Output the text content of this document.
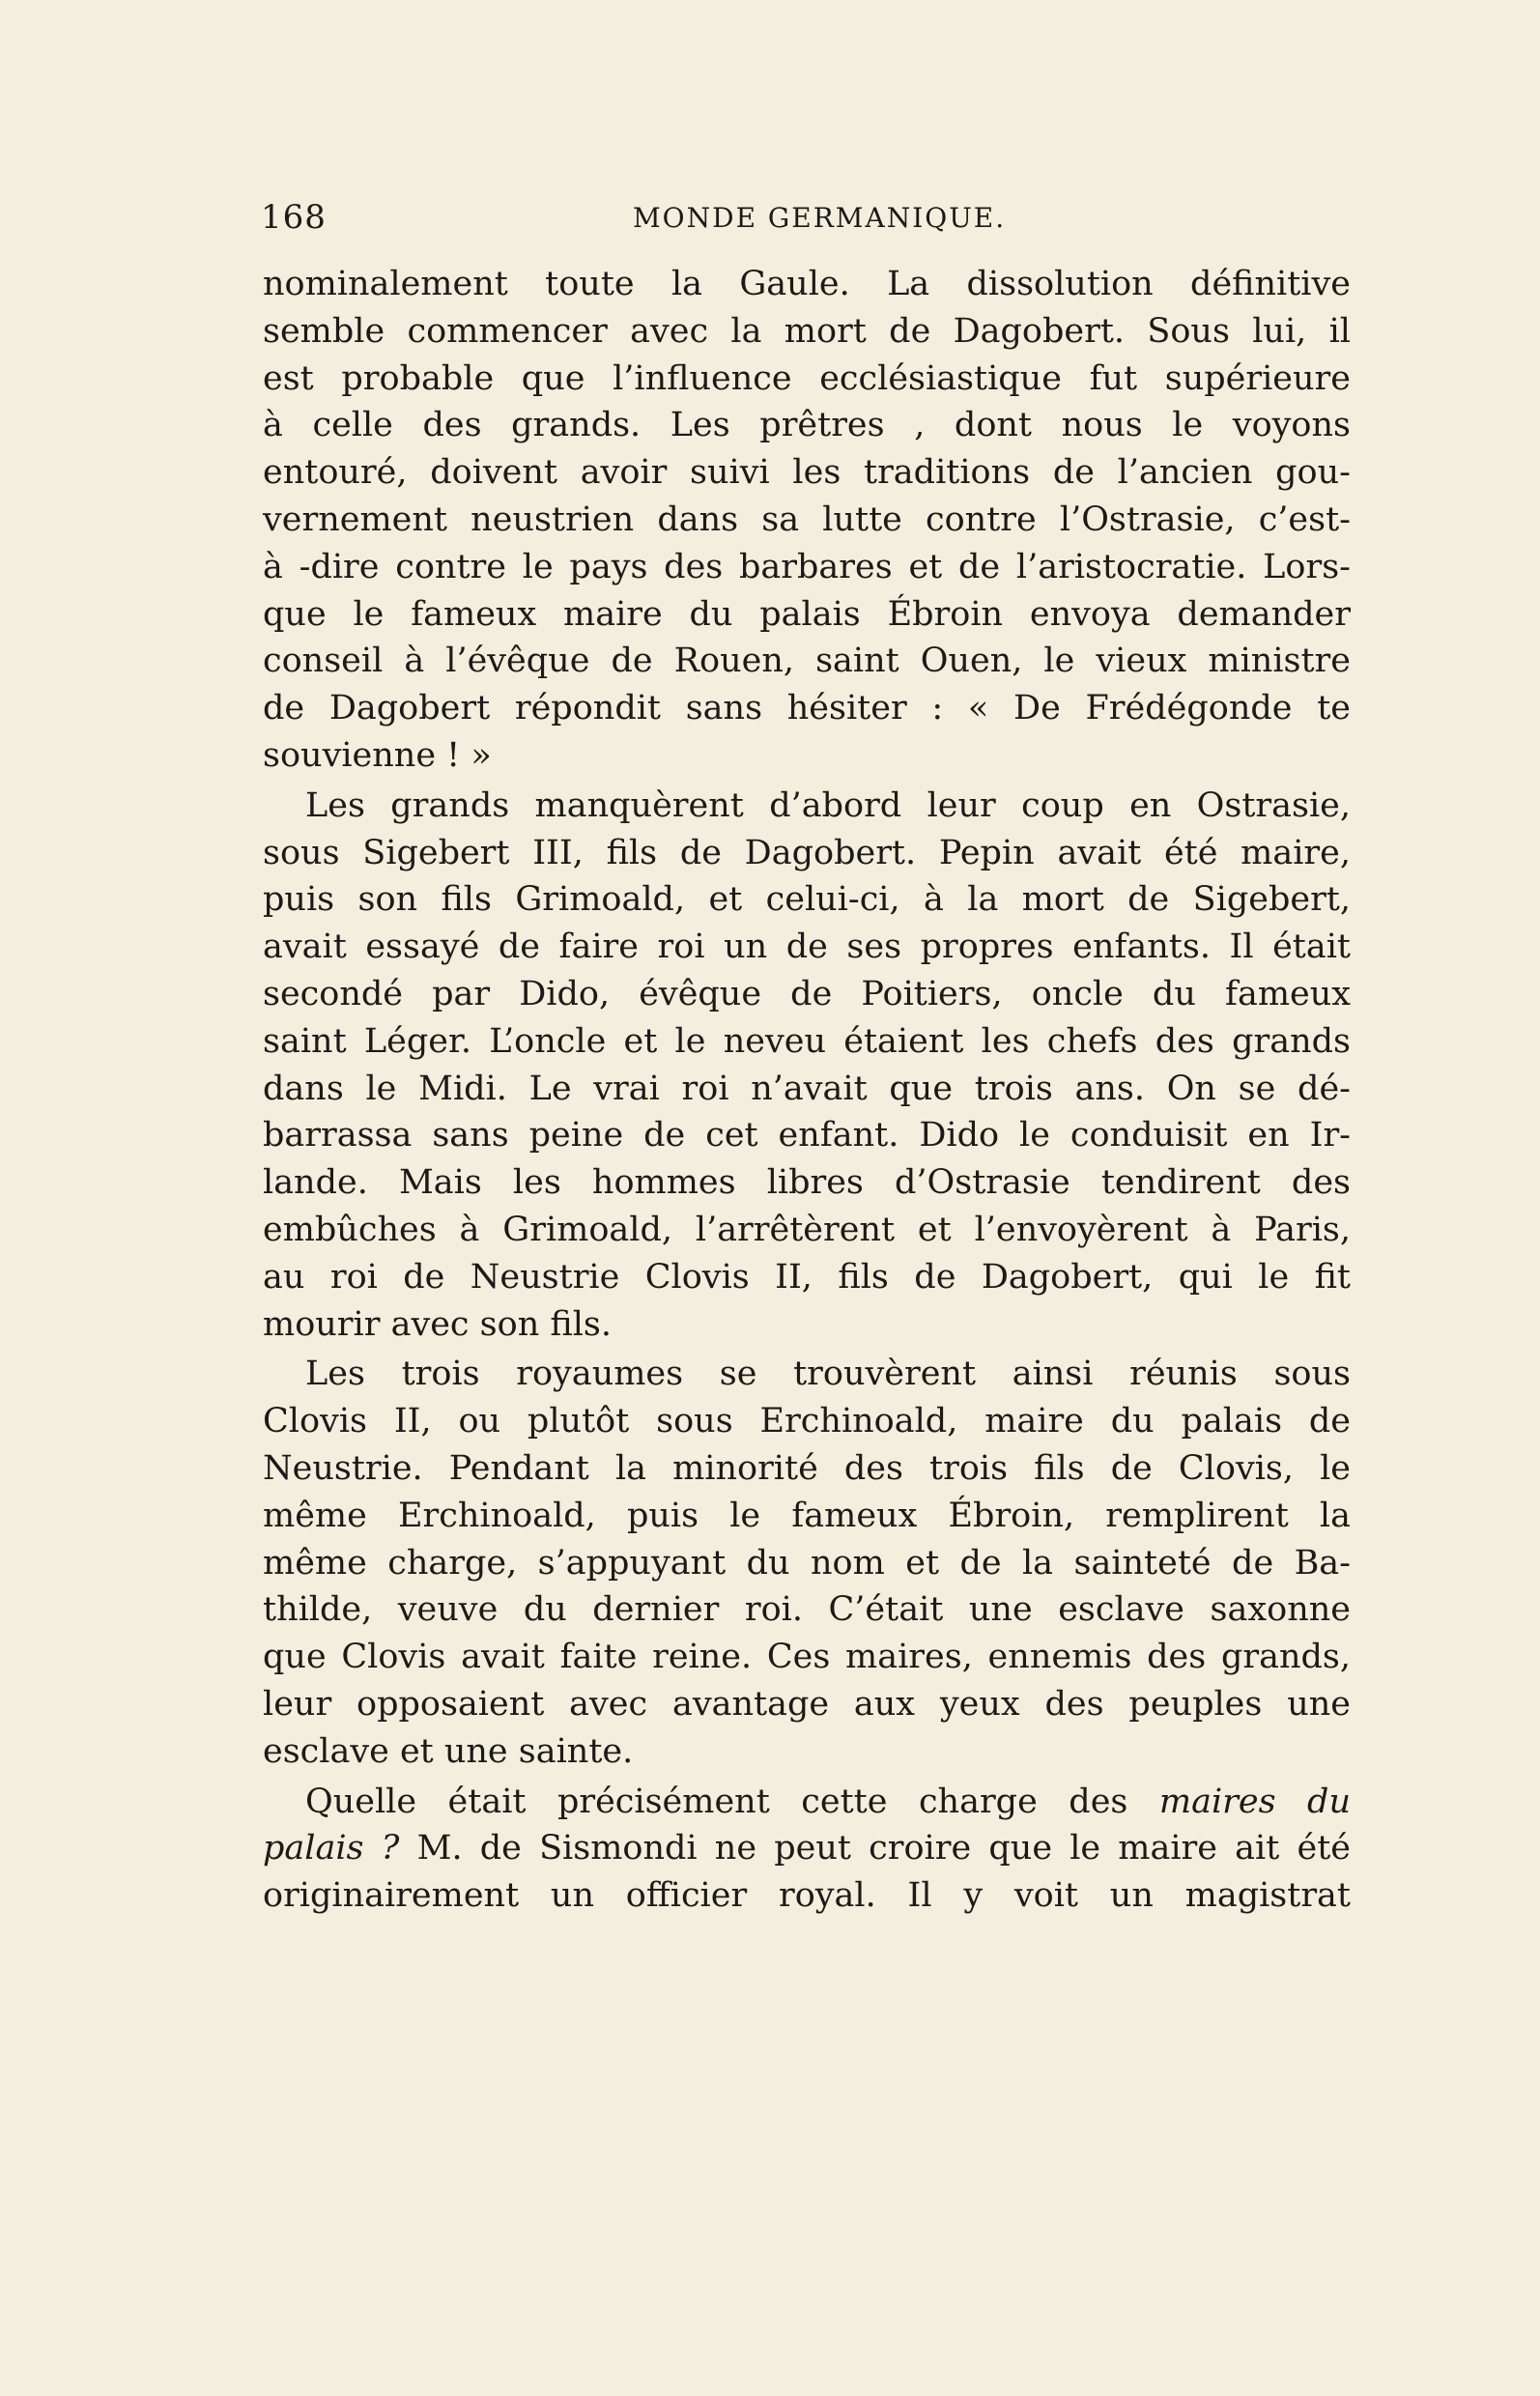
168	MONDE GERMANIQUE.
nominalement toute la Gaule. La dissolution définitive
semble commencer avec la mort de Dagobert. Sous lui, il
est probable que l’influence ecclésiastique fut supérieure
à celle des grands. Les prêtres , dont nous le voyons
entouré, doivent avoir suivi les traditions de l’ancien gou-
vernement neustrien dans sa lutte contre l’Ostrasie, c’est-
à -dire contre le pays des barbares et de l’aristocratie. Lors-
que le fameux maire du palais Ébroin envoya demander
conseil à l’évêque de Rouen, saint Ouen, le vieux ministre
de Dagobert répondit sans hésiter : « De Frédégonde te
souvienne ! »
Les grands manquèrent d’abord leur coup en Ostrasie,
sous Sigebert III, fils de Dagobert. Pepin avait été maire,
puis son fils Grimoald, et celui-ci, à la mort de Sigebert,
avait essayé de faire roi un de ses propres enfants. Il était
secondé par Dido, évêque de Poitiers, oncle du fameux
saint Léger. L’oncle et le neveu étaient les chefs des grands
dans le Midi. Le vrai roi n’avait que trois ans. On se dé-
barrassa sans peine de cet enfant. Dido le conduisit en Ir-
lande. Mais les hommes libres d’Ostrasie tendirent des
embûches à Grimoald, l’arrêtèrent et l’envoyèrent à Paris,
au roi de Neustrie Clovis II, fils de Dagobert, qui le fit
mourir avec son fils.
Les trois royaumes se trouvèrent ainsi réunis sous
Clovis II, ou plutôt sous Erchinoald, maire du palais de
Neustrie. Pendant la minorité des trois fils de Clovis, le
même Erchinoald, puis le fameux Ébroin, remplirent la
même charge, s’appuyant du nom et de la sainteté de Ba-
thilde, veuve du dernier roi. C’était une esclave saxonne
que Clovis avait faite reine. Ces maires, ennemis des grands,
leur opposaient avec avantage aux yeux des peuples une
esclave et une sainte.
Quelle était précisément cette charge des maires du
palais ? M. de Sismondi ne peut croire que le maire ait été
originairement un officier royal. Il y voit un magistrat
